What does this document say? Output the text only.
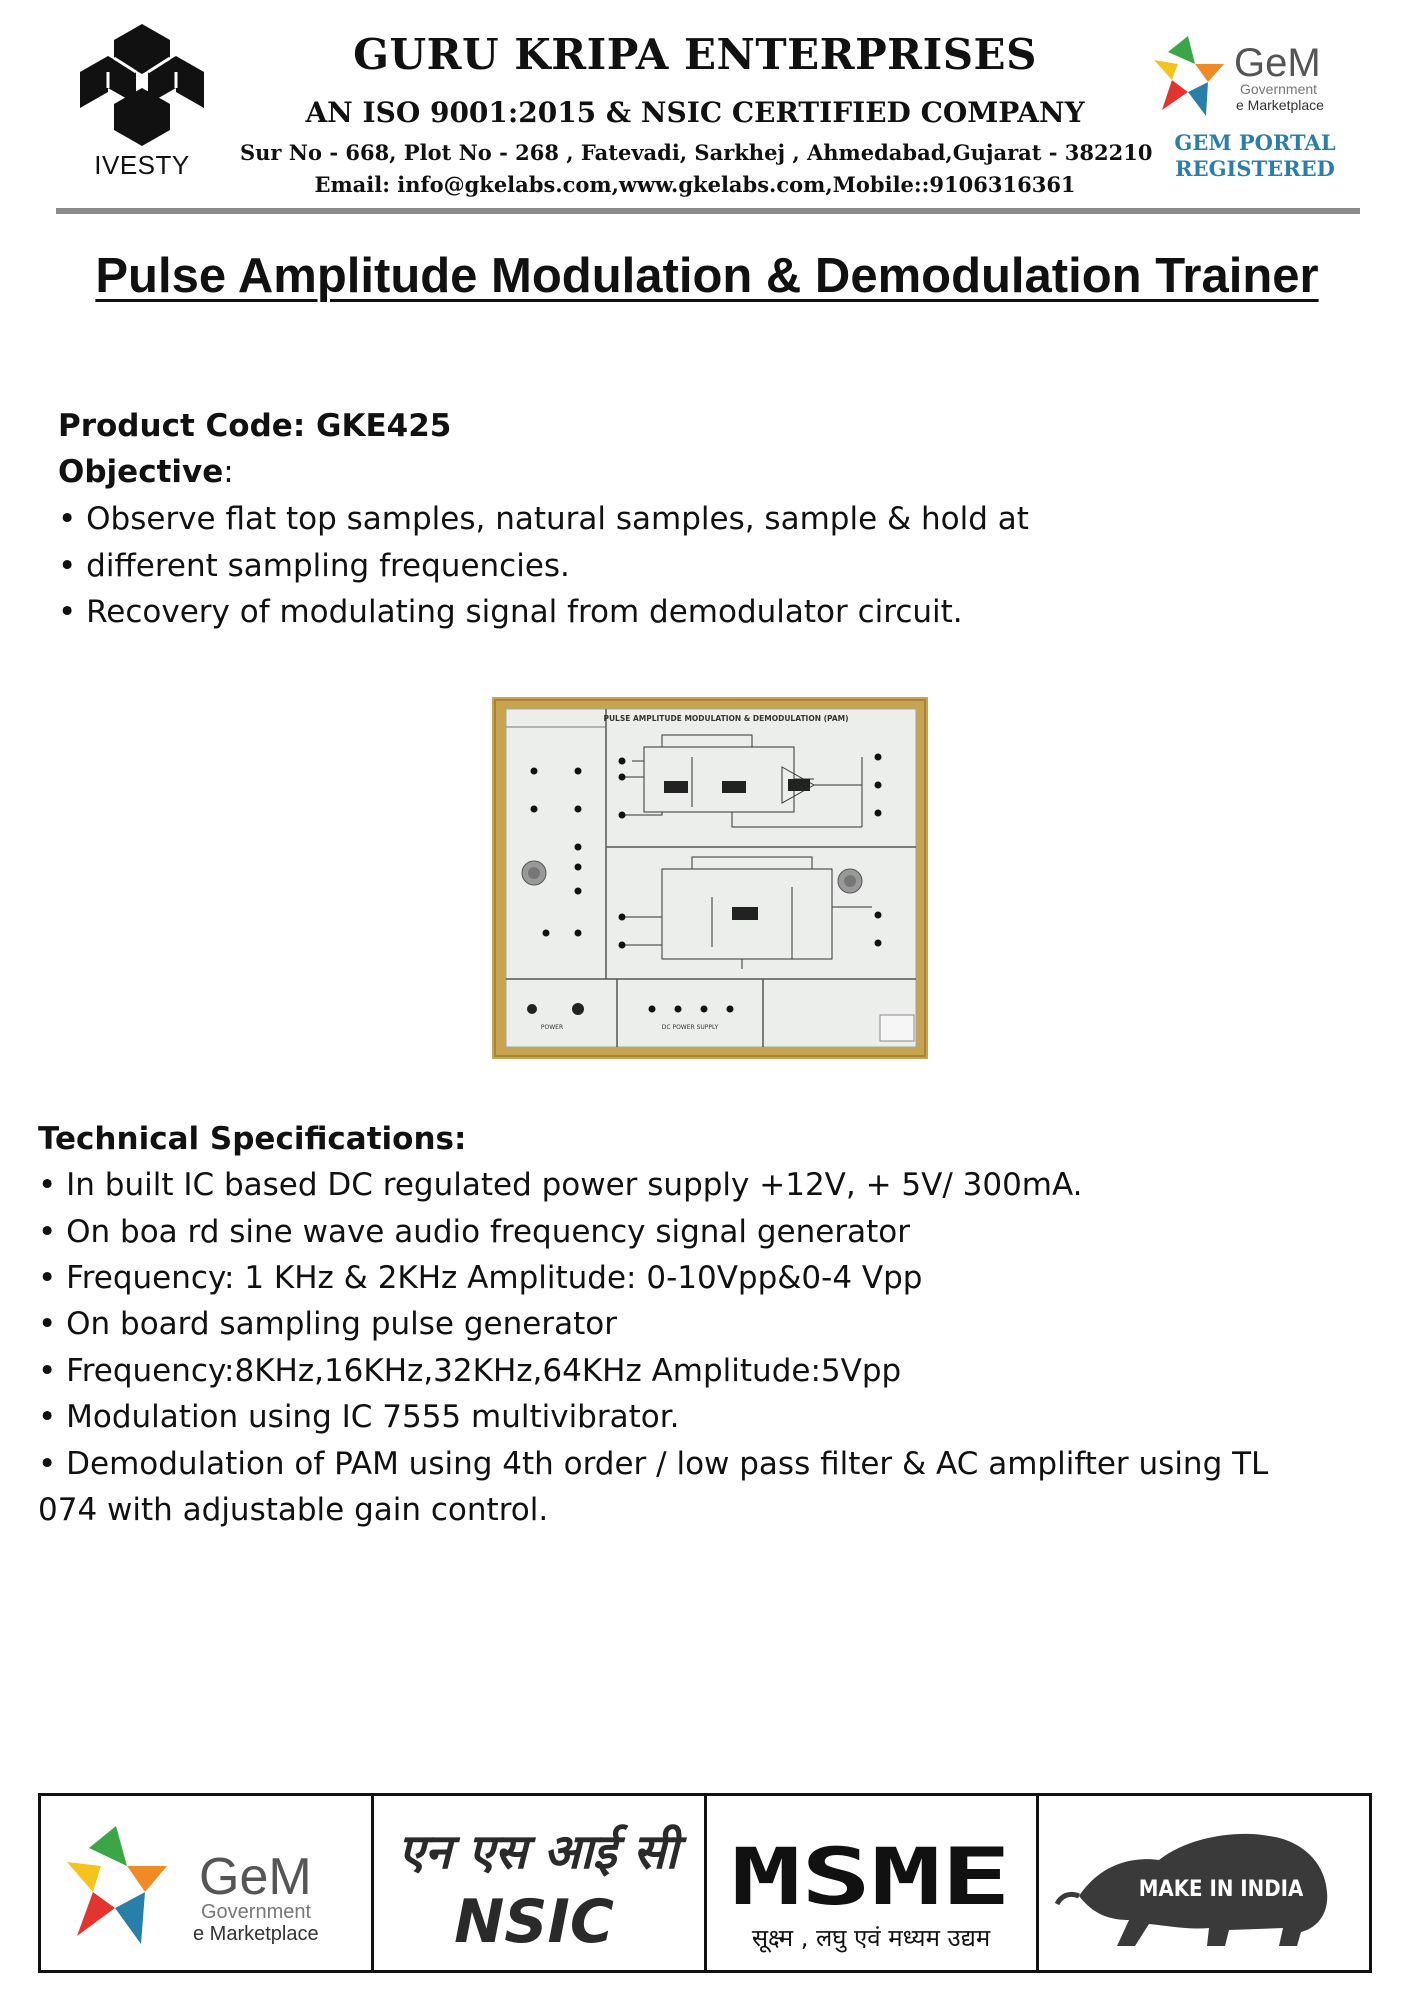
IVESTY
GURU KRIPA ENTERPRISES
AN ISO 9001:2015 & NSIC CERTIFIED COMPANY
Sur No - 668, Plot No - 268 , Fatevadi, Sarkhej , Ahmedabad,Gujarat - 382210
Email: info@gkelabs.com,www.gkelabs.com,Mobile::9106316361
GeM
Government
e Marketplace
GEM PORTAL
REGISTERED
Pulse Amplitude Modulation & Demodulation Trainer
Product Code: GKE425
Objective:
• Observe flat top samples, natural samples, sample & hold at
• different sampling frequencies.
• Recovery of modulating signal from demodulator circuit.
PULSE AMPLITUDE MODULATION & DEMODULATION (PAM)
POWER	DC POWER SUPPLY
Technical Specifications:
• In built IC based DC regulated power supply +12V, + 5V/ 300mA.
• On boa rd sine wave audio frequency signal generator
• Frequency: 1 KHz & 2KHz Amplitude: 0-10Vpp&0-4 Vpp
• On board sampling pulse generator
• Frequency:8KHz,16KHz,32KHz,64KHz Amplitude:5Vpp
• Modulation using IC 7555 multivibrator.
• Demodulation of PAM using 4th order / low pass filter & AC amplifter using TL
074 with adjustable gain control.
GeM
Government
e Marketplace
एन एस आई सी
NSIC MSME
सूक्ष्म , लघु एवं मध्यम उद्यम
MAKE IN INDIA
